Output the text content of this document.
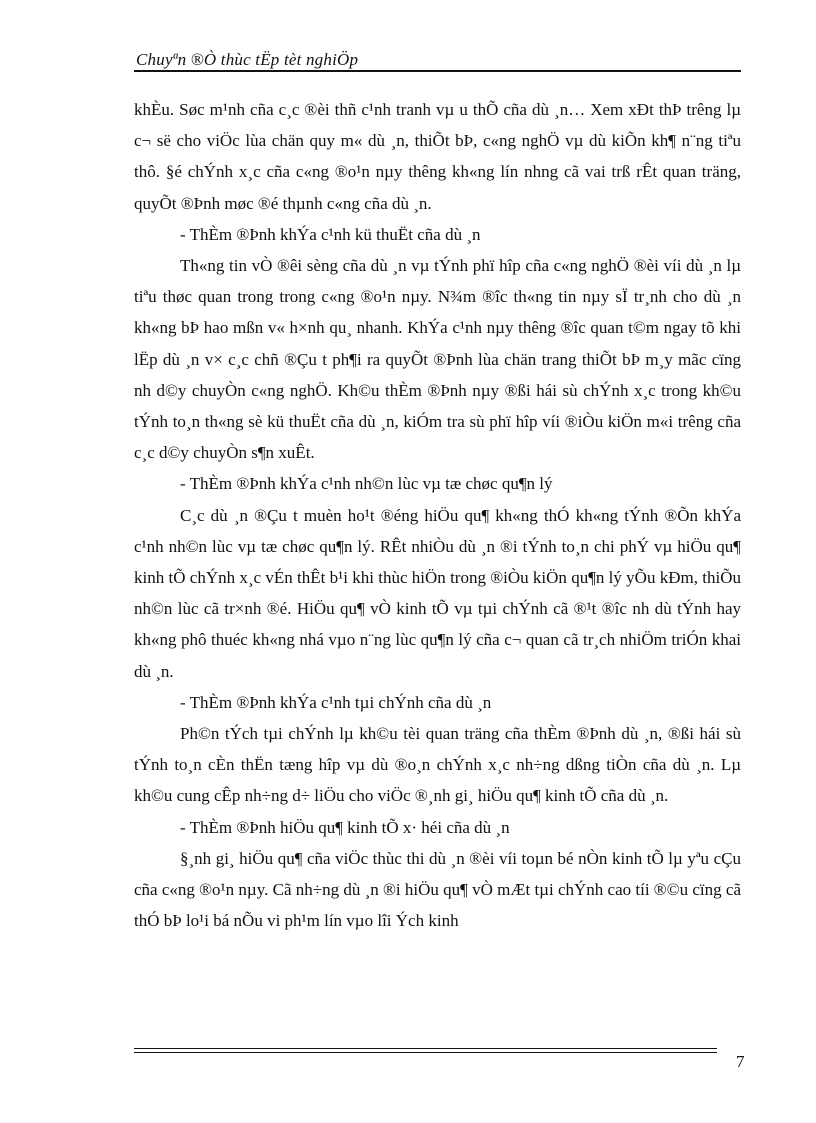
Chuyªn ®Ò thùc tËp tèt nghiÖp

khÈu. Søc m¹nh cña c¸c ®èi thñ c¹nh tranh vµ u thÕ cña dù ¸n… Xem xÐt thÞ trêng lµ c¬ së cho viÖc lùa chän quy m« dù ¸n, thiÕt bÞ, c«ng nghÖ vµ dù kiÕn kh¶ n¨ng tiªu thô. §é chÝnh x¸c cña c«ng ®o¹n nµy thêng kh«ng lín nhng cã vai trß rÊt quan träng, quyÕt ®Þnh møc ®é thµnh c«ng cña dù ¸n.

- ThÈm ®Þnh khÝa c¹nh kü thuËt cña dù ¸n

Th«ng tin vÒ ®êi sèng cña dù ¸n vµ tÝnh phï hîp cña c«ng nghÖ ®èi víi dù ¸n lµ tiªu thøc quan trong trong c«ng ®o¹n nµy. N¾m ®îc th«ng tin nµy sÏ tr¸nh cho dù ¸n kh«ng bÞ hao mßn v« h×nh qu¸ nhanh. KhÝa c¹nh nµy thêng ®îc quan t©m ngay tõ khi lËp dù ¸n v× c¸c chñ ®Çu t ph¶i ra quyÕt ®Þnh lùa chän trang thiÕt bÞ m¸y mãc cïng nh d©y chuyÒn c«ng nghÖ. Kh©u thÈm ®Þnh nµy ®ßi hái sù chÝnh x¸c trong kh©u tÝnh to¸n th«ng sè kü thuËt cña dù ¸n, kiÓm tra sù phï hîp víi ®iÒu kiÖn m«i trêng cña c¸c d©y chuyÒn s¶n xuÊt.

- ThÈm ®Þnh khÝa c¹nh nh©n lùc vµ tæ chøc qu¶n lý

C¸c dù ¸n ®Çu t muèn ho¹t ®éng hiÖu qu¶ kh«ng thÓ kh«ng tÝnh ®Õn khÝa c¹nh nh©n lùc vµ tæ chøc qu¶n lý. RÊt nhiÒu dù ¸n ®i tÝnh to¸n chi phÝ vµ hiÖu qu¶ kinh tÕ chÝnh x¸c vÉn thÊt b¹i khi thùc hiÖn trong ®iÒu kiÖn qu¶n lý yÕu kÐm, thiÕu nh©n lùc cã tr×nh ®é. HiÖu qu¶ vÒ kinh tÕ vµ tµi chÝnh cã ®¹t ®îc nh dù tÝnh hay kh«ng phô thuéc kh«ng nhá vµo n¨ng lùc qu¶n lý cña c¬ quan cã tr¸ch nhiÖm triÓn khai dù ¸n.

- ThÈm ®Þnh khÝa c¹nh tµi chÝnh cña dù ¸n

Ph©n tÝch tµi chÝnh lµ kh©u tèi quan träng cña thÈm ®Þnh dù ¸n, ®ßi hái sù tÝnh to¸n cÈn thËn tæng hîp vµ dù ®o¸n chÝnh x¸c nh÷ng dßng tiÒn cña dù ¸n. Lµ kh©u cung cÊp nh÷ng d÷ liÖu cho viÖc ®¸nh gi¸ hiÖu qu¶ kinh tÕ cña dù ¸n.

- ThÈm ®Þnh hiÖu qu¶ kinh tÕ x· héi cña dù ¸n

§¸nh gi¸ hiÖu qu¶ cña viÖc thùc thi dù ¸n ®èi víi toµn bé nÒn kinh tÕ lµ yªu cÇu cña c«ng ®o¹n nµy. Cã nh÷ng dù ¸n ®i hiÖu qu¶ vÒ mÆt tµi chÝnh cao tíi ®©u cïng cã thÓ bÞ lo¹i bá nÕu vi ph¹m lín vµo lîi Ých kinh

7
